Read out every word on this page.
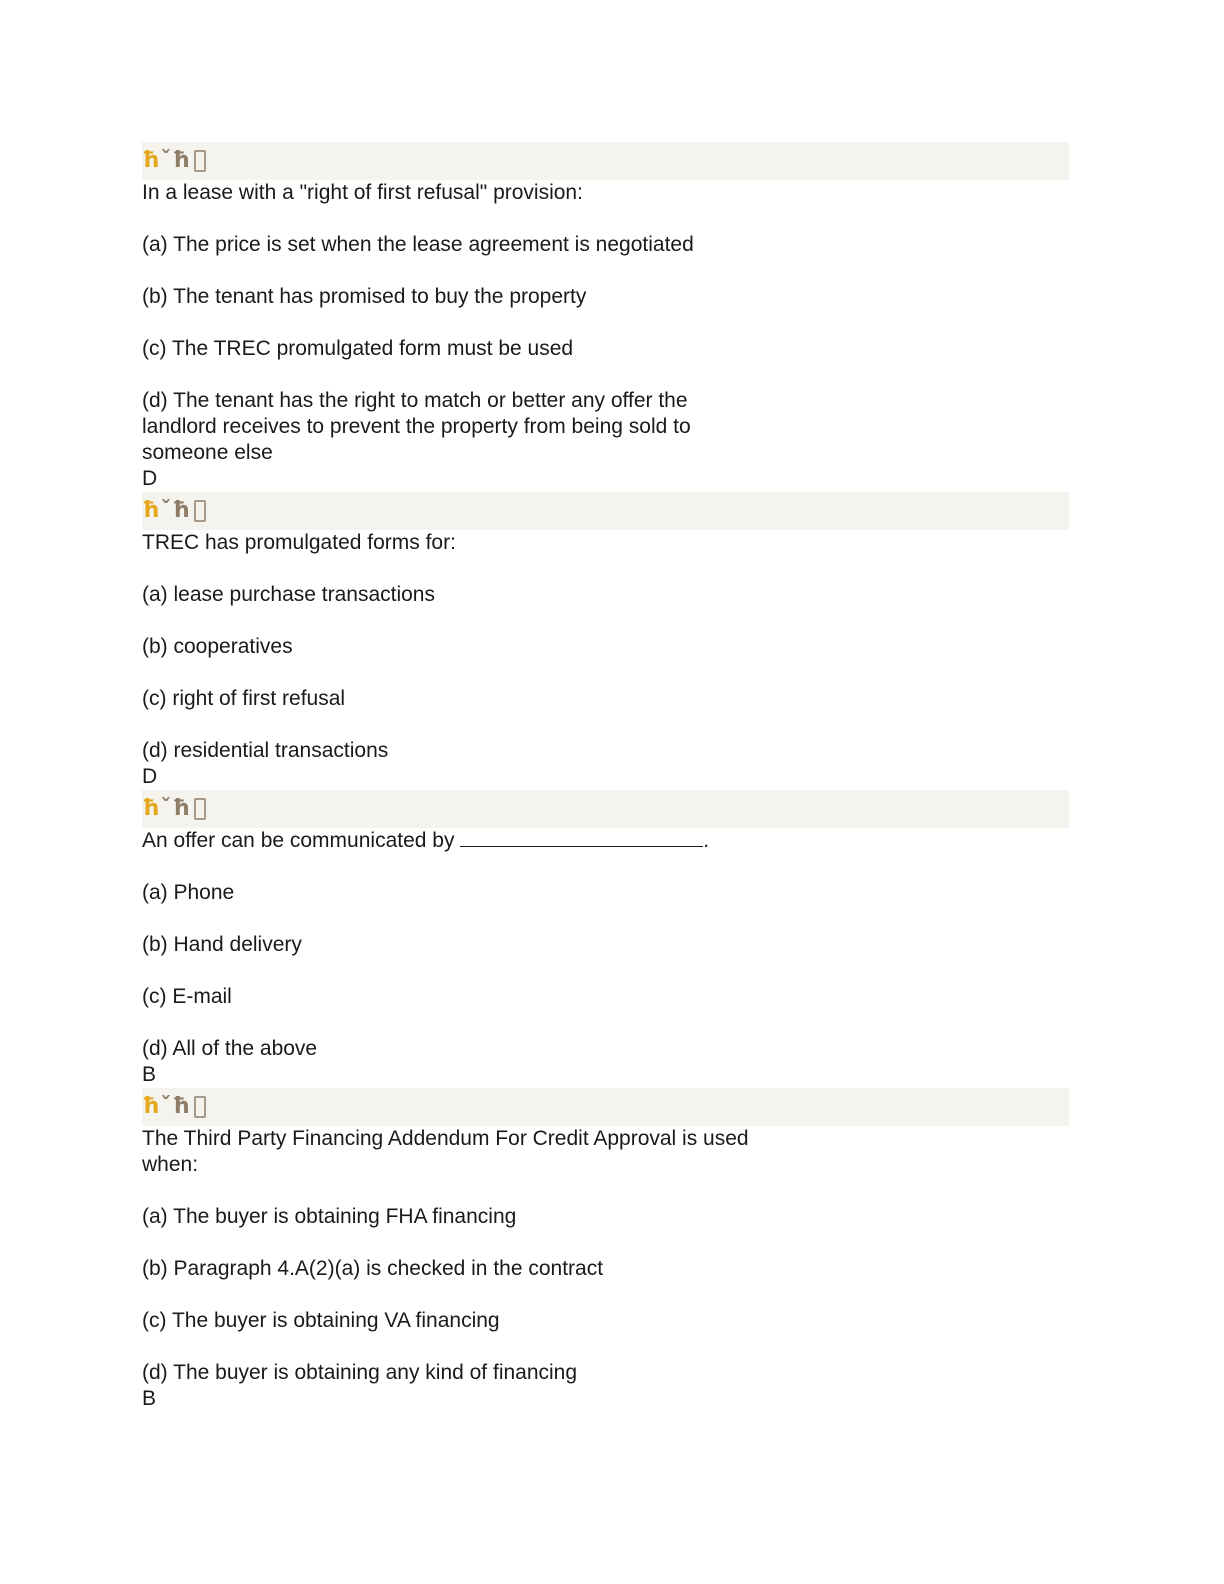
ħ ˇħ

In a lease with a "right of first refusal" provision:

(a) The price is set when the lease agreement is negotiated

(b) The tenant has promised to buy the property

(c) The TREC promulgated form must be used

(d) The tenant has the right to match or better any offer the landlord receives to prevent the property from being sold to someone else

D

ħ ˇħ

TREC has promulgated forms for:

(a) lease purchase transactions

(b) cooperatives

(c) right of first refusal

(d) residential transactions

D

ħ ˇħ

An offer can be communicated by	.

(a) Phone

(b) Hand delivery

(c) E-mail

(d) All of the above

B

ħ ˇħ

The Third Party Financing Addendum For Credit Approval is used when:

(a) The buyer is obtaining FHA financing

(b) Paragraph 4.A(2)(a) is checked in the contract

(c) The buyer is obtaining VA financing

(d) The buyer is obtaining any kind of financing

B
